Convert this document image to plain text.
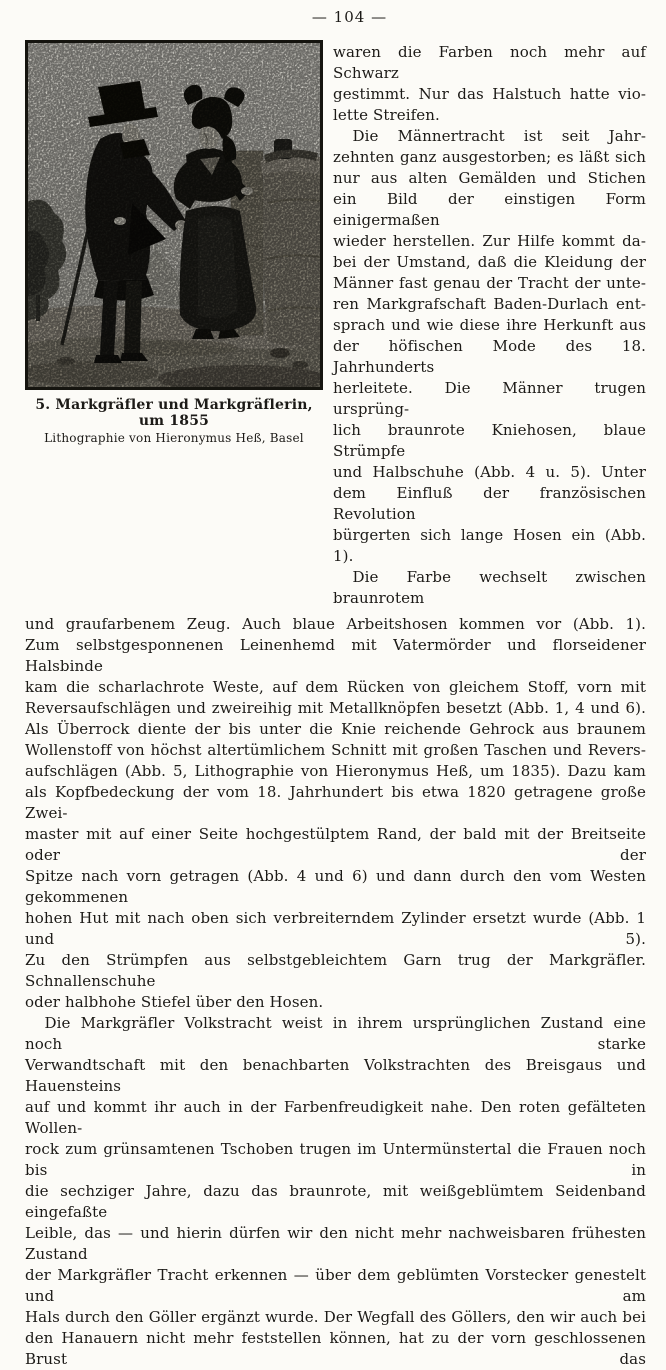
— 104 —
5. Markgräfler und Markgräflerin, um 1855
Lithographie von Hieronymus Heß, Basel
waren die Farben noch mehr auf Schwarz
gestimmt. Nur das Halstuch hatte vio-
lette Streifen.
Die Männertracht ist seit Jahr-
zehnten ganz ausgestorben; es läßt sich
nur aus alten Gemälden und Stichen
ein Bild der einstigen Form einigermaßen
wieder herstellen. Zur Hilfe kommt da-
bei der Umstand, daß die Kleidung der
Männer fast genau der Tracht der unte-
ren Markgrafschaft Baden-Durlach ent-
sprach und wie diese ihre Herkunft aus
der höfischen Mode des 18. Jahrhunderts
herleitete. Die Männer trugen ursprüng-
lich braunrote Kniehosen, blaue Strümpfe
und Halbschuhe (Abb. 4 u. 5). Unter
dem Einfluß der französischen Revolution
bürgerten sich lange Hosen ein (Abb. 1).
Die Farbe wechselt zwischen braunrotem
und graufarbenem Zeug. Auch blaue Arbeitshosen kommen vor (Abb. 1).
Zum selbstgesponnenen Leinenhemd mit Vatermörder und florseidener Halsbinde
kam die scharlachrote Weste, auf dem Rücken von gleichem Stoff, vorn mit
Reversaufschlägen und zweireihig mit Metallknöpfen besetzt (Abb. 1, 4 und 6).
Als Überrock diente der bis unter die Knie reichende Gehrock aus braunem
Wollenstoff von höchst altertümlichem Schnitt mit großen Taschen und Revers-
aufschlägen (Abb. 5, Lithographie von Hieronymus Heß, um 1835). Dazu kam
als Kopfbedeckung der vom 18. Jahrhundert bis etwa 1820 getragene große Zwei-
master mit auf einer Seite hochgestülptem Rand, der bald mit der Breitseite oder der
Spitze nach vorn getragen (Abb. 4 und 6) und dann durch den vom Westen gekommenen
hohen Hut mit nach oben sich verbreiterndem Zylinder ersetzt wurde (Abb. 1 und 5).
Zu den Strümpfen aus selbstgebleichtem Garn trug der Markgräfler. Schnallenschuhe
oder halbhohe Stiefel über den Hosen.
Die Markgräfler Volkstracht weist in ihrem ursprünglichen Zustand eine noch starke
Verwandtschaft mit den benachbarten Volkstrachten des Breisgaus und Hauensteins
auf und kommt ihr auch in der Farbenfreudigkeit nahe. Den roten gefälteten Wollen-
rock zum grünsamtenen Tschoben trugen im Untermünstertal die Frauen noch bis in
die sechziger Jahre, dazu das braunrote, mit weißgeblümtem Seidenband eingefaßte
Leible, das — und hierin dürfen wir den nicht mehr nachweisbaren frühesten Zustand
der Markgräfler Tracht erkennen — über dem geblümten Vorstecker genestelt und am
Hals durch den Göller ergänzt wurde. Der Wegfall des Göllers, den wir auch bei
den Hanauern nicht mehr feststellen können, hat zu der vorn geschlossenen Brust das
